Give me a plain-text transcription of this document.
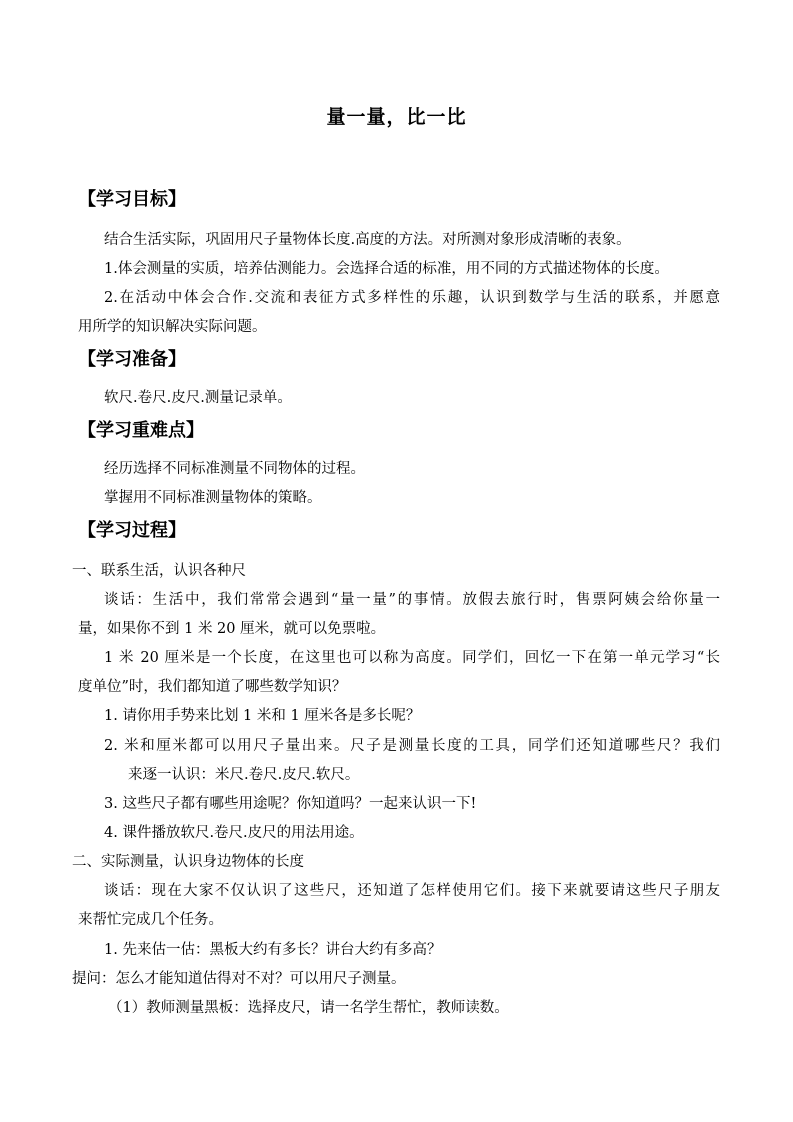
量一量，比一比
【学习目标】
结合生活实际，巩固用尺子量物体长度.高度的方法。对所测对象形成清晰的表象。
1.体会测量的实质，培养估测能力。会选择合适的标准，用不同的方式描述物体的长度。
2.在活动中体会合作.交流和表征方式多样性的乐趣，认识到数学与生活的联系，并愿意
用所学的知识解决实际问题。
【学习准备】
软尺.卷尺.皮尺.测量记录单。
【学习重难点】
经历选择不同标准测量不同物体的过程。
掌握用不同标准测量物体的策略。
【学习过程】
一、联系生活，认识各种尺
谈话：生活中，我们常常会遇到“量一量”的事情。放假去旅行时，售票阿姨会给你量一
量，如果你不到 1 米 20 厘米，就可以免票啦。
1 米 20 厘米是一个长度，在这里也可以称为高度。同学们，回忆一下在第一单元学习“长
度单位”时，我们都知道了哪些数学知识？
1. 请你用手势来比划 1 米和 1 厘米各是多长呢？
2. 米和厘米都可以用尺子量出来。尺子是测量长度的工具，同学们还知道哪些尺？我们
来逐一认识：米尺.卷尺.皮尺.软尺。
3. 这些尺子都有哪些用途呢？你知道吗？一起来认识一下!
4. 课件播放软尺.卷尺.皮尺的用法用途。
二、实际测量，认识身边物体的长度
谈话：现在大家不仅认识了这些尺，还知道了怎样使用它们。接下来就要请这些尺子朋友
来帮忙完成几个任务。
1. 先来估一估：黑板大约有多长？讲台大约有多高？
提问：怎么才能知道估得对不对？可以用尺子测量。
（1）教师测量黑板：选择皮尺，请一名学生帮忙，教师读数。
